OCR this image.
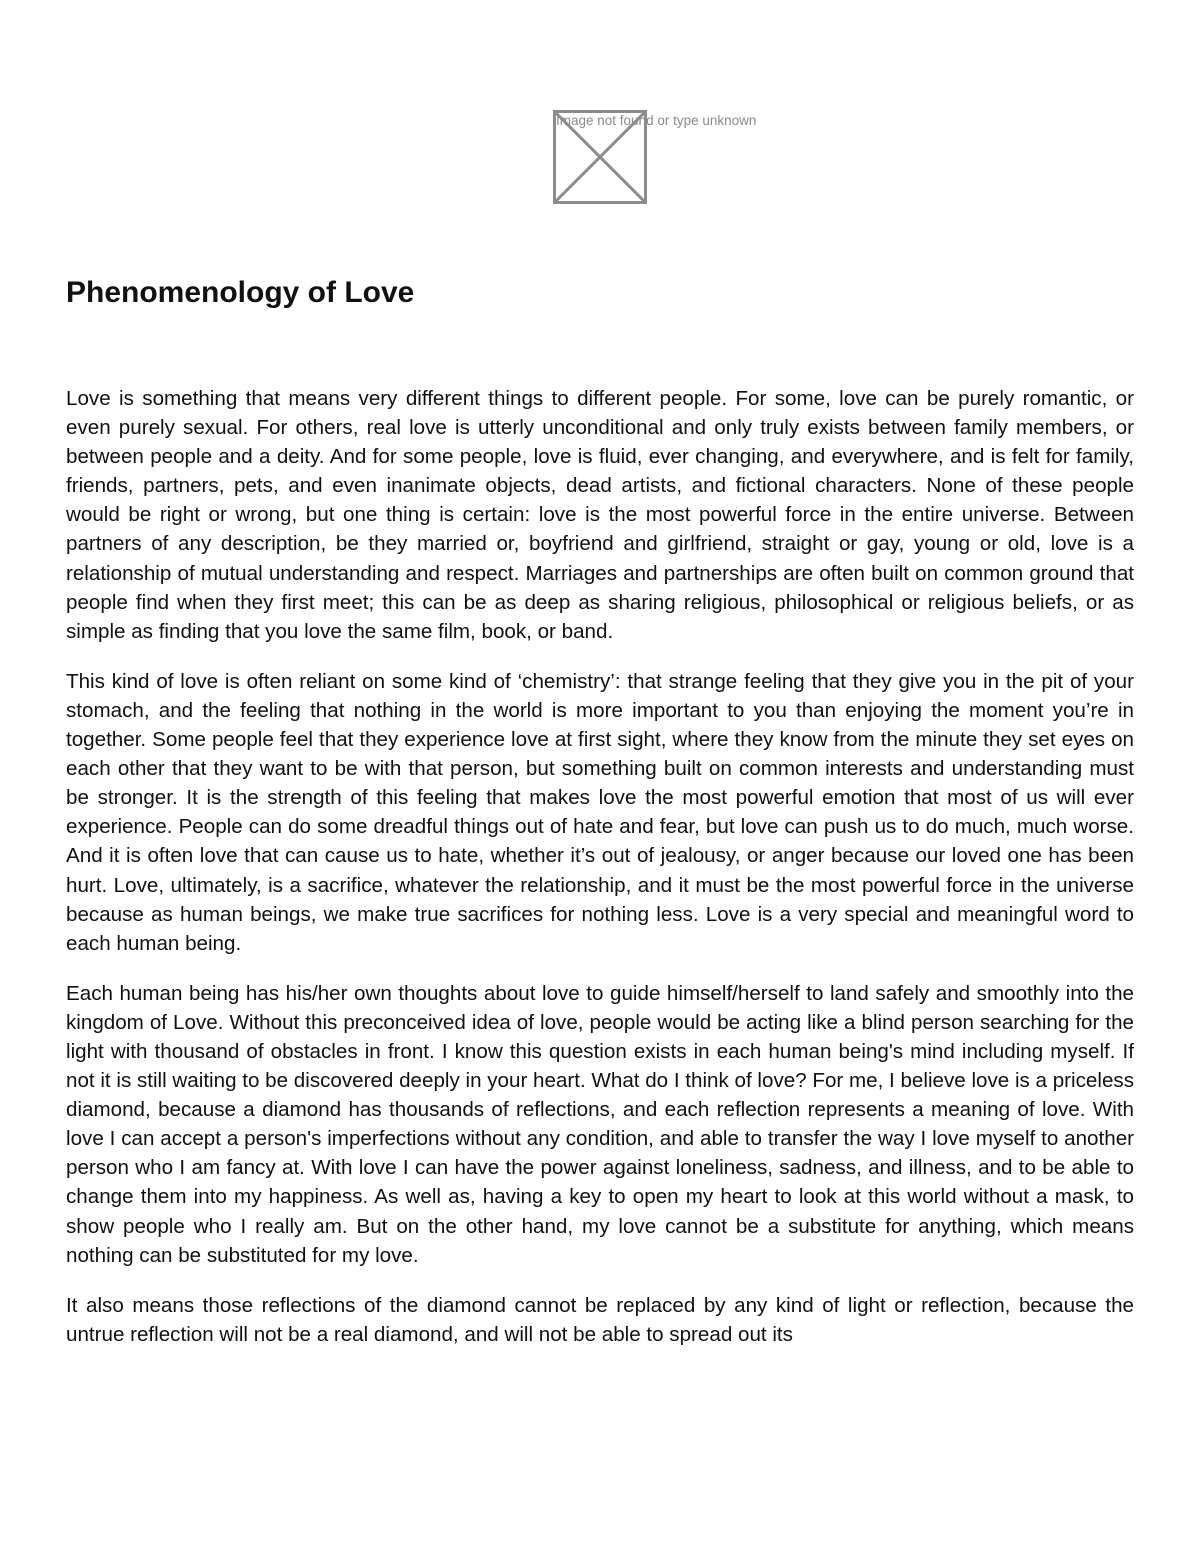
Image not found or type unknown
Phenomenology of Love

Love is something that means very different things to different people. For some, love can be purely romantic, or even purely sexual. For others, real love is utterly unconditional and only truly exists between family members, or between people and a deity. And for some people, love is fluid, ever changing, and everywhere, and is felt for family, friends, partners, pets, and even inanimate objects, dead artists, and fictional characters. None of these people would be right or wrong, but one thing is certain: love is the most powerful force in the entire universe. Between partners of any description, be they married or, boyfriend and girlfriend, straight or gay, young or old, love is a relationship of mutual understanding and respect. Marriages and partnerships are often built on common ground that people find when they first meet; this can be as deep as sharing religious, philosophical or religious beliefs, or as simple as finding that you love the same film, book, or band.

This kind of love is often reliant on some kind of ‘chemistry’: that strange feeling that they give you in the pit of your stomach, and the feeling that nothing in the world is more important to you than enjoying the moment you’re in together. Some people feel that they experience love at first sight, where they know from the minute they set eyes on each other that they want to be with that person, but something built on common interests and understanding must be stronger. It is the strength of this feeling that makes love the most powerful emotion that most of us will ever experience. People can do some dreadful things out of hate and fear, but love can push us to do much, much worse. And it is often love that can cause us to hate, whether it’s out of jealousy, or anger because our loved one has been hurt. Love, ultimately, is a sacrifice, whatever the relationship, and it must be the most powerful force in the universe because as human beings, we make true sacrifices for nothing less. Love is a very special and meaningful word to each human being.

Each human being has his/her own thoughts about love to guide himself/herself to land safely and smoothly into the kingdom of Love. Without this preconceived idea of love, people would be acting like a blind person searching for the light with thousand of obstacles in front. I know this question exists in each human being's mind including myself. If not it is still waiting to be discovered deeply in your heart. What do I think of love? For me, I believe love is a priceless diamond, because a diamond has thousands of reflections, and each reflection represents a meaning of love. With love I can accept a person's imperfections without any condition, and able to transfer the way I love myself to another person who I am fancy at. With love I can have the power against loneliness, sadness, and illness, and to be able to change them into my happiness. As well as, having a key to open my heart to look at this world without a mask, to show people who I really am. But on the other hand, my love cannot be a substitute for anything, which means nothing can be substituted for my love.

It also means those reflections of the diamond cannot be replaced by any kind of light or reflection, because the untrue reflection will not be a real diamond, and will not be able to spread out its
